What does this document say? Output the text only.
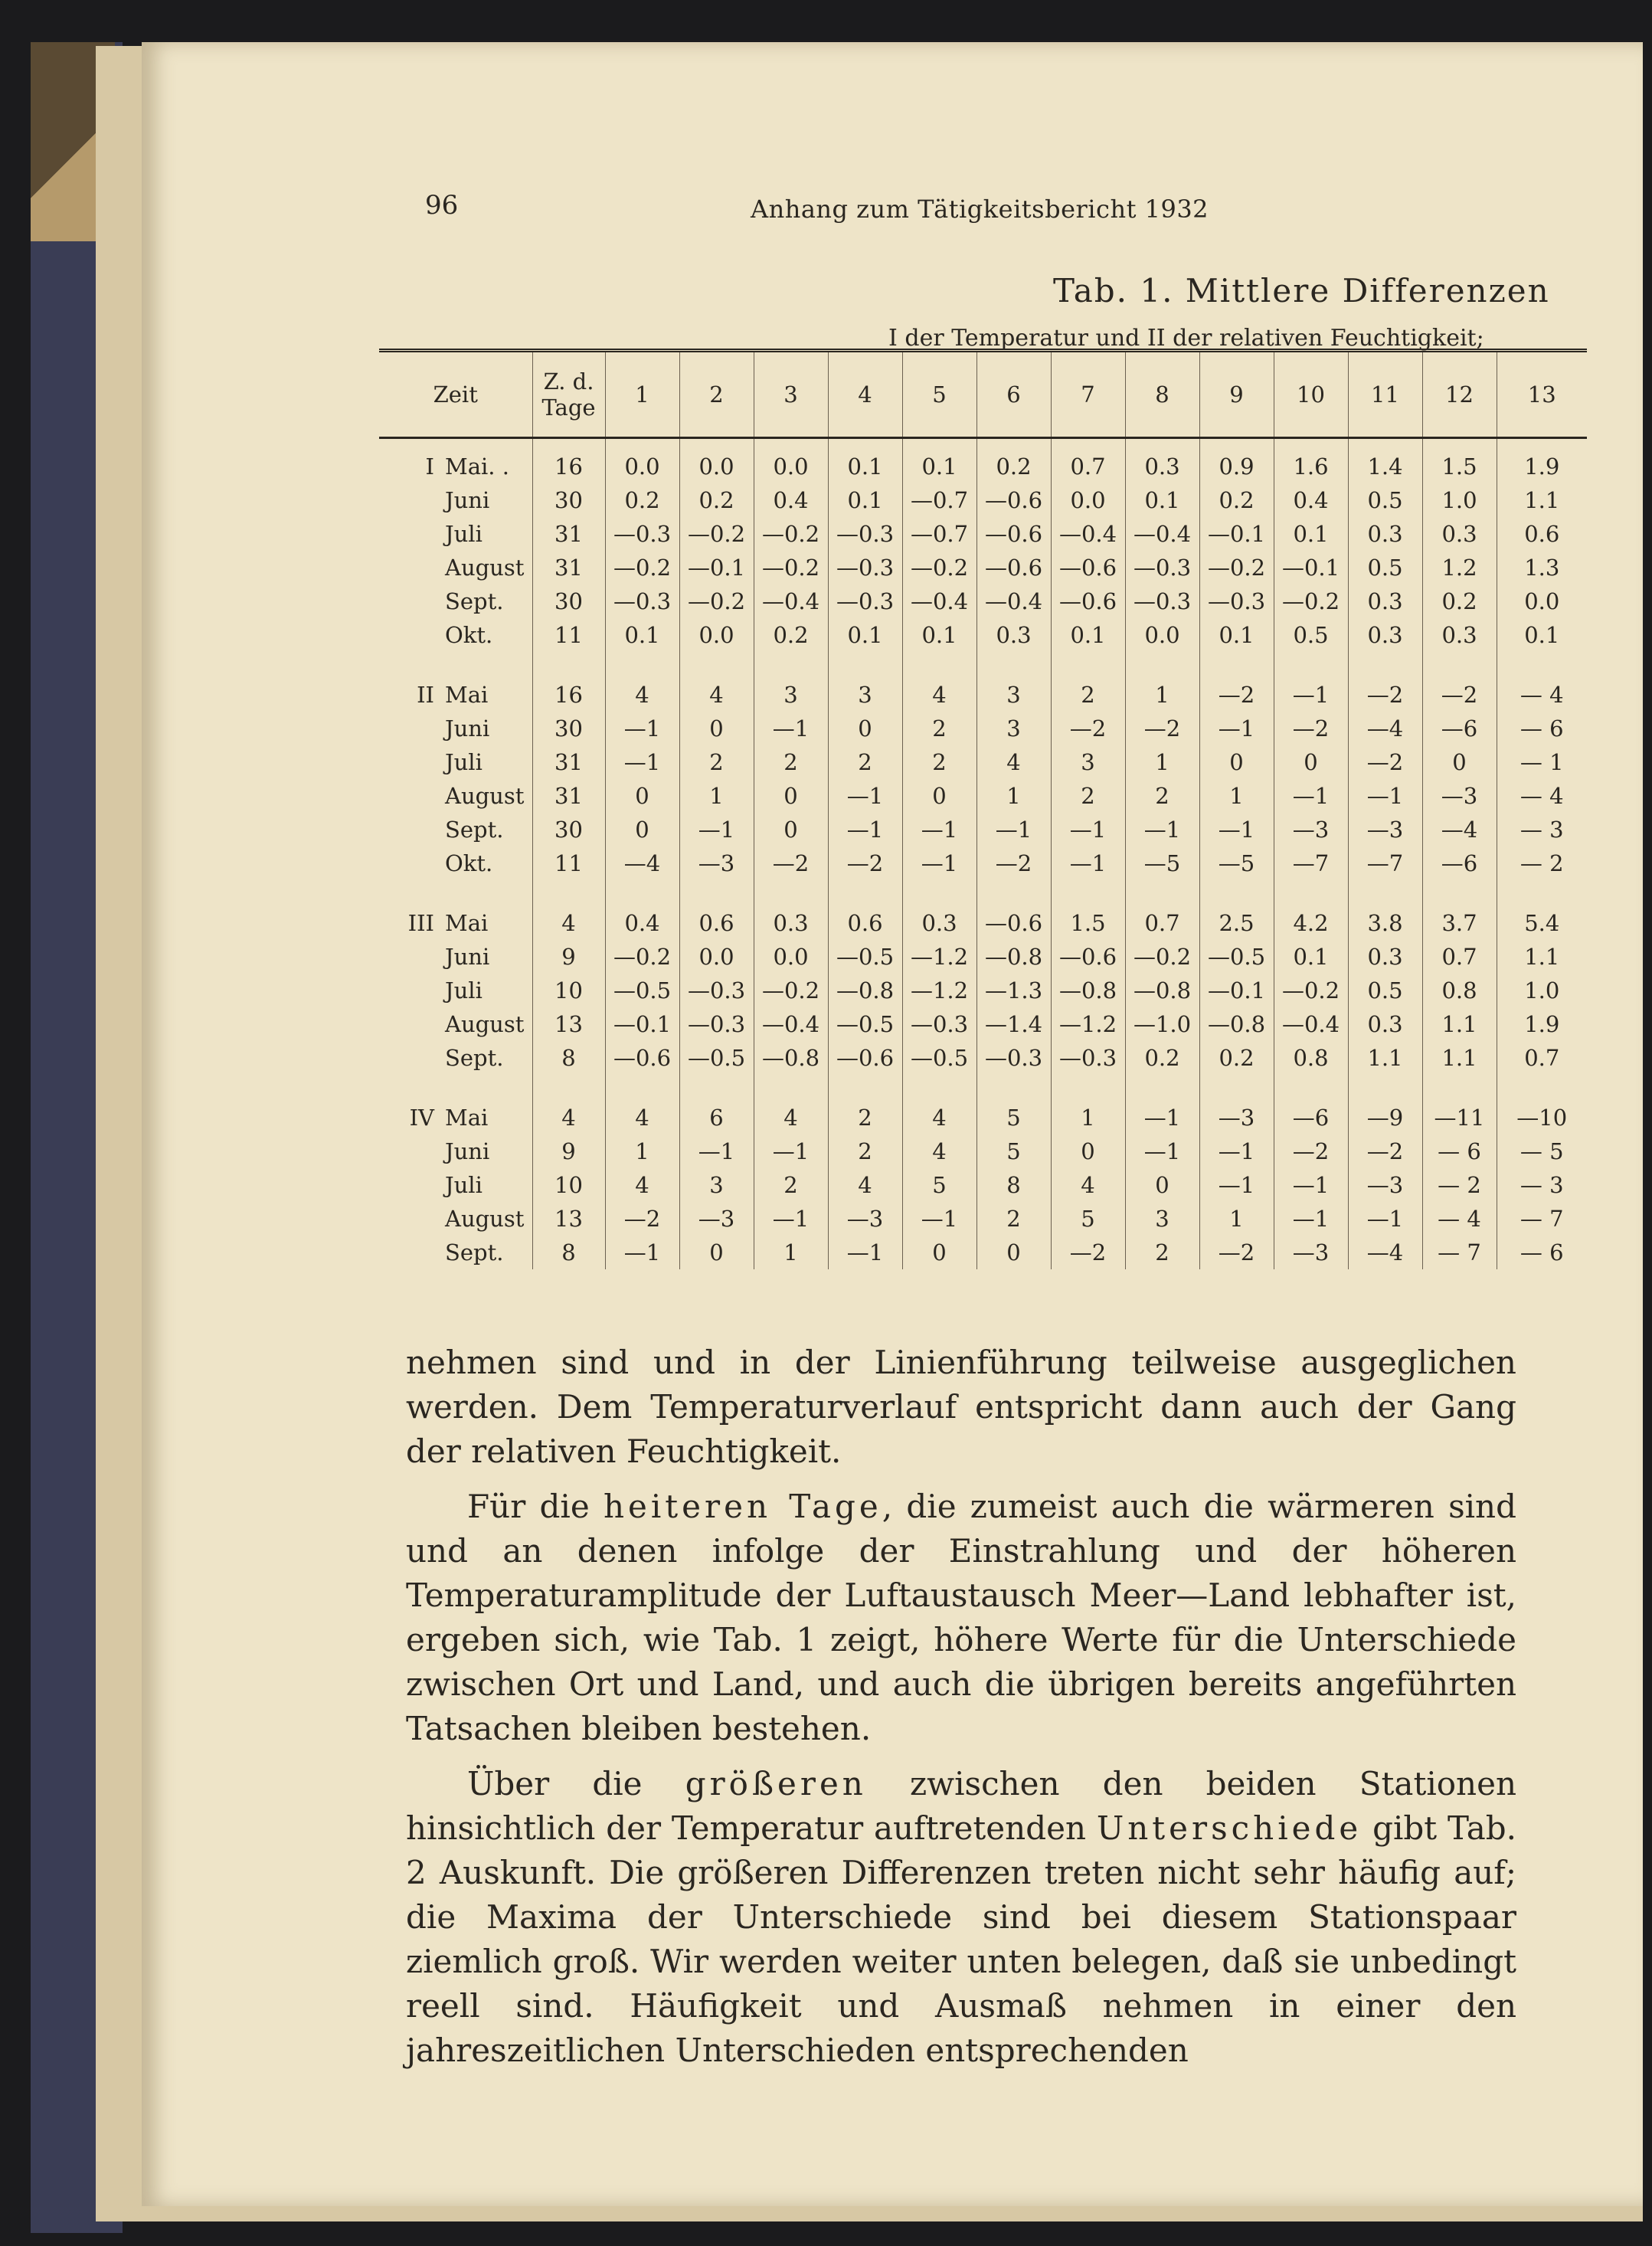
96	Anhang zum Tätigkeitsbericht 1932
Tab. 1. Mittlere Differenzen
I der Temperatur und II der relativen Feuchtigkeit;
Zeit	Z. d. Tage	1	2	3	4	5	6	7	8	9	10	11	12	13
I Mai. .	16	0.0	0.0	0.0	0.1	0.1	0.2	0.7	0.3	0.9	1.6	1.4	1.5	1.9
Juni	30	0.2	0.2	0.4	0.1	—0.7	—0.6	0.0	0.1	0.2	0.4	0.5	1.0	1.1
Juli	31	—0.3	—0.2	—0.2	—0.3	—0.7	—0.6	—0.4	—0.4	—0.1	0.1	0.3	0.3	0.6
August	31	—0.2	—0.1	—0.2	—0.3	—0.2	—0.6	—0.6	—0.3	—0.2	—0.1	0.5	1.2	1.3
Sept.	30	—0.3	—0.2	—0.4	—0.3	—0.4	—0.4	—0.6	—0.3	—0.3	—0.2	0.3	0.2	0.0
Okt.	11	0.1	0.0	0.2	0.1	0.1	0.3	0.1	0.0	0.1	0.5	0.3	0.3	0.1

II Mai	16	4	4	3	3	4	3	2	1	—2	—1	—2	—2	— 4
Juni	30	—1	0	—1	0	2	3	—2	—2	—1	—2	—4	—6	— 6
Juli	31	—1	2	2	2	2	4	3	1	0	0	—2	0	— 1
August	31	0	1	0	—1	0	1	2	2	1	—1	—1	—3	— 4
Sept.	30	0	—1	0	—1	—1	—1	—1	—1	—1	—3	—3	—4	— 3
Okt.	11	—4	—3	—2	—2	—1	—2	—1	—5	—5	—7	—7	—6	— 2

III Mai	4	0.4	0.6	0.3	0.6	0.3	—0.6	1.5	0.7	2.5	4.2	3.8	3.7	5.4
Juni	9	—0.2	0.0	0.0	—0.5	—1.2	—0.8	—0.6	—0.2	—0.5	0.1	0.3	0.7	1.1
Juli	10	—0.5	—0.3	—0.2	—0.8	—1.2	—1.3	—0.8	—0.8	—0.1	—0.2	0.5	0.8	1.0
August	13	—0.1	—0.3	—0.4	—0.5	—0.3	—1.4	—1.2	—1.0	—0.8	—0.4	0.3	1.1	1.9
Sept.	8	—0.6	—0.5	—0.8	—0.6	—0.5	—0.3	—0.3	0.2	0.2	0.8	1.1	1.1	0.7

IV Mai	4	4	6	4	2	4	5	1	—1	—3	—6	—9	—11	—10
Juni	9	1	—1	—1	2	4	5	0	—1	—1	—2	—2	— 6	— 5
Juli	10	4	3	2	4	5	8	4	0	—1	—1	—3	— 2	— 3
August	13	—2	—3	—1	—3	—1	2	5	3	1	—1	—1	— 4	— 7
Sept.	8	—1	0	1	—1	0	0	—2	2	—2	—3	—4	— 7	— 6

nehmen sind und in der Linienführung teilweise ausgeglichen werden. Dem Temperaturverlauf entspricht dann auch der Gang der relativen Feuchtigkeit.

Für die heiteren Tage, die zumeist auch die wärmeren sind und an denen infolge der Einstrahlung und der höheren Temperaturamplitude der Luftaustausch Meer—Land lebhafter ist, ergeben sich, wie Tab. 1 zeigt, höhere Werte für die Unterschiede zwischen Ort und Land, und auch die übrigen bereits angeführten Tatsachen bleiben bestehen.

Über die größeren zwischen den beiden Stationen hinsichtlich der Temperatur auftretenden Unterschiede gibt Tab. 2 Auskunft. Die größeren Differenzen treten nicht sehr häufig auf; die Maxima der Unterschiede sind bei diesem Stationspaar ziemlich groß. Wir werden weiter unten belegen, daß sie unbedingt reell sind. Häufigkeit und Ausmaß nehmen in einer den jahreszeitlichen Unterschieden entsprechenden
